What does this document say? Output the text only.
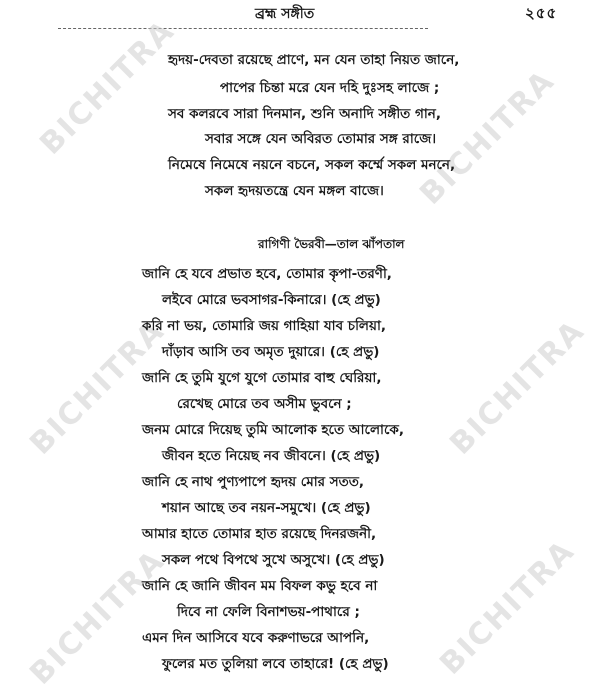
ব্রহ্ম সঙ্গীত	২৫৫
BICHITRA	BICHITRA
BICHITRA	BICHITRA
BICHITRA	BICHITRA
হৃদয়-দেবতা রয়েছে প্রাণে, মন যেন তাহা নিয়ত জানে,
পাপের চিন্তা মরে যেন দহি দুঃসহ লাজে ;
সব কলরবে সারা দিনমান, শুনি অনাদি সঙ্গীত গান,
সবার সঙ্গে যেন অবিরত তোমার সঙ্গ রাজে।
নিমেষে নিমেষে নয়নে বচনে, সকল কর্ম্মে সকল মননে,
সকল হৃদয়তন্ত্রে যেন মঙ্গল বাজে।
রাগিণী ভৈরবী—তাল ঝাঁপতাল
জানি হে যবে প্রভাত হবে, তোমার কৃপা-তরণী,
লইবে মোরে ভবসাগর-কিনারে। (হে প্রভু)
করি না ভয়, তোমারি জয় গাহিয়া যাব চলিয়া,
দাঁড়াব আসি তব অমৃত দুয়ারে। (হে প্রভু)
জানি হে তুমি যুগে যুগে তোমার বাহু ঘেরিয়া,
রেখেছ মোরে তব অসীম ভুবনে ;
জনম মোরে দিয়েছ তুমি আলোক হতে আলোকে,
জীবন হতে নিয়েছ নব জীবনে। (হে প্রভু)
জানি হে নাথ পুণ্যপাপে হৃদয় মোর সতত,
শয়ান আছে তব নয়ন-সমুখে। (হে প্রভু)
আমার হাতে তোমার হাত রয়েছে দিনরজনী,
সকল পথে বিপথে সুখে অসুখে। (হে প্রভু)
জানি হে জানি জীবন মম বিফল কভু হবে না
দিবে না ফেলি বিনাশভয়-পাথারে ;
এমন দিন আসিবে যবে করুণাভরে আপনি,
ফুলের মত তুলিয়া লবে তাহারে! (হে প্রভু)
